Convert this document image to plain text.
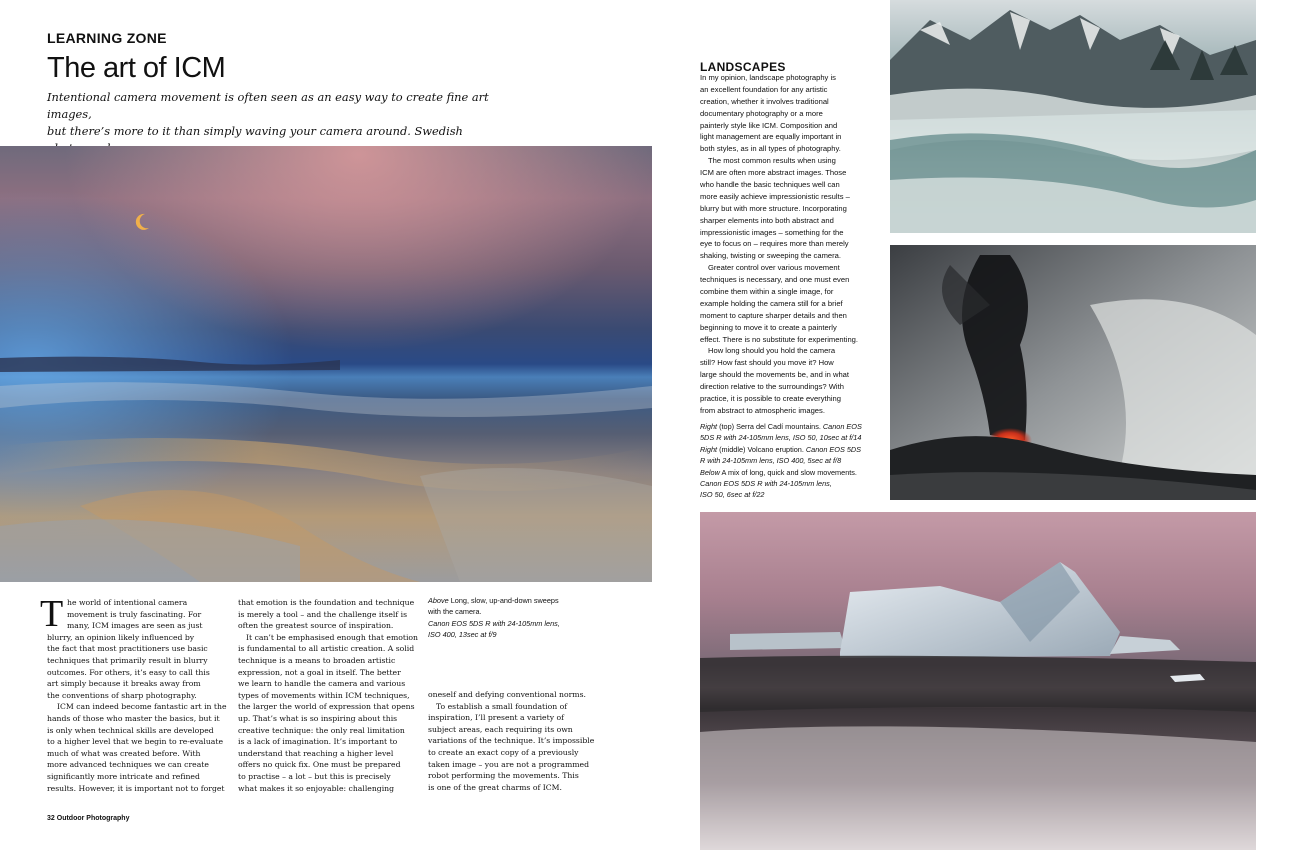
LEARNING ZONE
The art of ICM
Intentional camera movement is often seen as an easy way to create fine art images,
but there’s more to it than simply waving your camera around. Swedish
T he world of intentional camera
movement is truly fascinating. For
many, ICM images are seen as just
blurry, an opinion likely influenced by
the fact that most practitioners use basic
techniques that primarily result in blurry
outcomes. For others, it’s easy to call this
art simply because it breaks away from
the conventions of sharp photography.
ICM can indeed become fantastic art in the
hands of those who master the basics, but it
is only when technical skills are developed
to a higher level that we begin to re-evaluate
much of what was created before. With
more advanced techniques we can create
significantly more intricate and refined
results. However, it is important not to forget
that emotion is the foundation and technique
is merely a tool – and the challenge itself is
often the greatest source of inspiration.
It can’t be emphasised enough that emotion
is fundamental to all artistic creation. A solid
technique is a means to broaden artistic
expression, not a goal in itself. The better
we learn to handle the camera and various
types of movements within ICM techniques,
the larger the world of expression that opens
up. That’s what is so inspiring about this
creative technique: the only real limitation
is a lack of imagination. It’s important to
understand that reaching a higher level
offers no quick fix. One must be prepared
to practise – a lot – but this is precisely
what makes it so enjoyable: challenging
Above Long, slow, up-and-down sweeps
with the camera.
Canon EOS 5DS R with 24-105mm lens,
ISO 400, 13sec at f/9
oneself and defying conventional norms.
To establish a small foundation of
inspiration, I’ll present a variety of
subject areas, each requiring its own
variations of the technique. It’s impossible
to create an exact copy of a previously
taken image – you are not a programmed
robot performing the movements. This
is one of the great charms of ICM.
32 Outdoor Photography
LANDSCAPES
In my opinion, landscape photography is
an excellent foundation for any artistic
creation, whether it involves traditional
documentary photography or a more
painterly style like ICM. Composition and
light management are equally important in
both styles, as in all types of photography.
The most common results when using
ICM are often more abstract images. Those
who handle the basic techniques well can
more easily achieve impressionistic results –
blurry but with more structure. Incorporating
sharper elements into both abstract and
impressionistic images – something for the
eye to focus on – requires more than merely
shaking, twisting or sweeping the camera.
Greater control over various movement
techniques is necessary, and one must even
combine them within a single image, for
example holding the camera still for a brief
moment to capture sharper details and then
beginning to move it to create a painterly
effect. There is no substitute for experimenting.
How long should you hold the camera
still? How fast should you move it? How
large should the movements be, and in what
direction relative to the surroundings? With
practice, it is possible to create everything
from abstract to atmospheric images.
Right (top) Serra del Cadí mountains. Canon EOS
5DS R with 24-105mm lens, ISO 50, 10sec at f/14
Right (middle) Volcano eruption. Canon EOS 5DS
R with 24-105mm lens, ISO 400, 5sec at f/8
Below A mix of long, quick and slow movements.
Canon EOS 5DS R with 24-105mm lens,
ISO 50, 6sec at f/22
